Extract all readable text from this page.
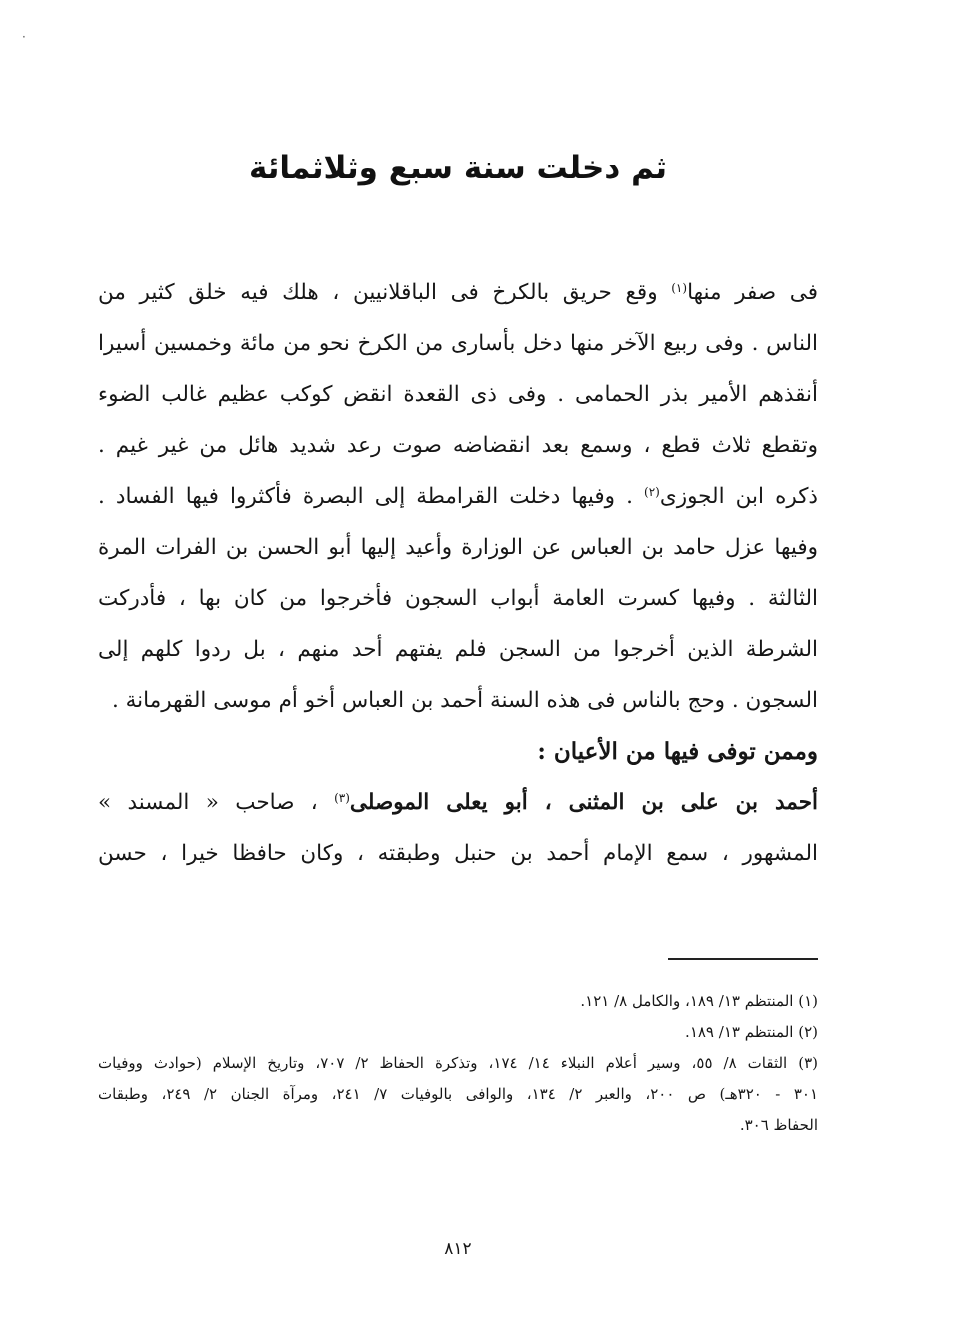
·
ثم دخلت سنة سبع وثلاثمائة
فى صفر منها$^{(١)}$ وقع حريق بالكرخ فى الباقلانيين ، هلك فيه خلق كثير من
الناس . وفى ربيع الآخر منها دخل بأسارى من الكرخ نحو من مائة وخمسين أسيرا
أنقذهم الأمير بذر الحمامى . وفى ذى القعدة انقض كوكب عظيم غالب الضوء
وتقطع ثلاث قطع ، وسمع بعد انقضاضه صوت رعد شديد هائل من غير غيم .
ذكره ابن الجوزى$^{(٢)}$ . وفيها دخلت القرامطة إلى البصرة فأكثروا فيها الفساد .
وفيها عزل حامد بن العباس عن الوزارة وأعيد إليها أبو الحسن بن الفرات المرة
الثالثة . وفيها كسرت العامة أبواب السجون فأخرجوا من كان بها ، فأدركت
الشرطة الذين أخرجوا من السجن فلم يفتهم أحد منهم ، بل ردوا كلهم إلى
السجون . وحج بالناس فى هذه السنة أحمد بن العباس أخو أم موسى القهرمانة .
وممن توفى فيها من الأعيان :
أحمد بن على بن المثنى ، أبو يعلى الموصلى$^{(٣)}$ ، صاحب « المسند »
المشهور ، سمع الإمام أحمد بن حنبل وطبقته ، وكان حافظا خيرا ، حسن
(١) المنتظم ١٣/ ١٨٩، والكامل ٨/ ١٢١.
(٢) المنتظم ١٣/ ١٨٩.
(٣) الثقات ٨/ ٥٥، وسير أعلام النبلاء ١٤/ ١٧٤، وتذكرة الحفاظ ٢/ ٧٠٧، وتاريخ الإسلام (حوادث ووفيات
٣٠١ - ٣٢٠هـ) ص ٢٠٠، والعبر ٢/ ١٣٤، والوافى بالوفيات ٧/ ٢٤١، ومرآة الجنان ٢/ ٢٤٩، وطبقات
الحفاظ ٣٠٦.
٨١٢
